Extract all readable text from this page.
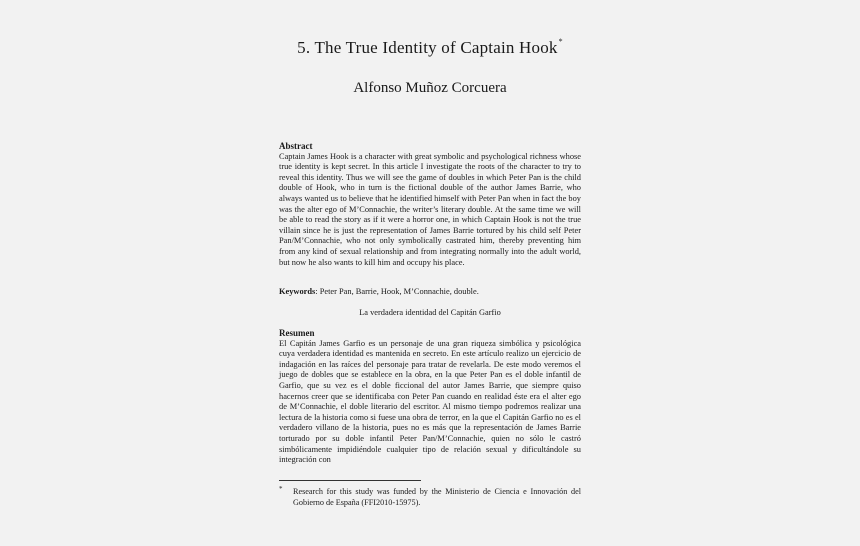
5. The True Identity of Captain Hook*
Alfonso Muñoz Corcuera
Abstract
Captain James Hook is a character with great symbolic and psychological richness whose true identity is kept secret. In this article I investigate the roots of the character to try to reveal this identity. Thus we will see the game of doubles in which Peter Pan is the child double of Hook, who in turn is the fictional double of the author James Barrie, who always wanted us to believe that he identified himself with Peter Pan when in fact the boy was the alter ego of M’Connachie, the writer’s literary double. At the same time we will be able to read the story as if it were a horror one, in which Captain Hook is not the true villain since he is just the representation of James Barrie tortured by his child self Peter Pan/M’Connachie, who not only symbolically castrated him, thereby preventing him from any kind of sexual relationship and from integrating normally into the adult world, but now he also wants to kill him and occupy his place.
Keywords: Peter Pan, Barrie, Hook, M’Connachie, double.
La verdadera identidad del Capitán Garfio
Resumen
El Capitán James Garfio es un personaje de una gran riqueza simbólica y psicológica cuya verdadera identidad es mantenida en secreto. En este artículo realizo un ejercicio de indagación en las raíces del personaje para tratar de revelarla. De este modo veremos el juego de dobles que se establece en la obra, en la que Peter Pan es el doble infantil de Garfio, que su vez es el doble ficcional del autor James Barrie, que siempre quiso hacernos creer que se identificaba con Peter Pan cuando en realidad éste era el alter ego de M’Connachie, el doble literario del escritor. Al mismo tiempo podremos realizar una lectura de la historia como si fuese una obra de terror, en la que el Capitán Garfio no es el verdadero villano de la historia, pues no es más que la representación de James Barrie torturado por su doble infantil Peter Pan/M’Connachie, quien no sólo le castró simbólicamente impidiéndole cualquier tipo de relación sexual y dificultándole su integración con
* Research for this study was funded by the Ministerio de Ciencia e Innovación del Gobierno de España (FFI2010-15975).
